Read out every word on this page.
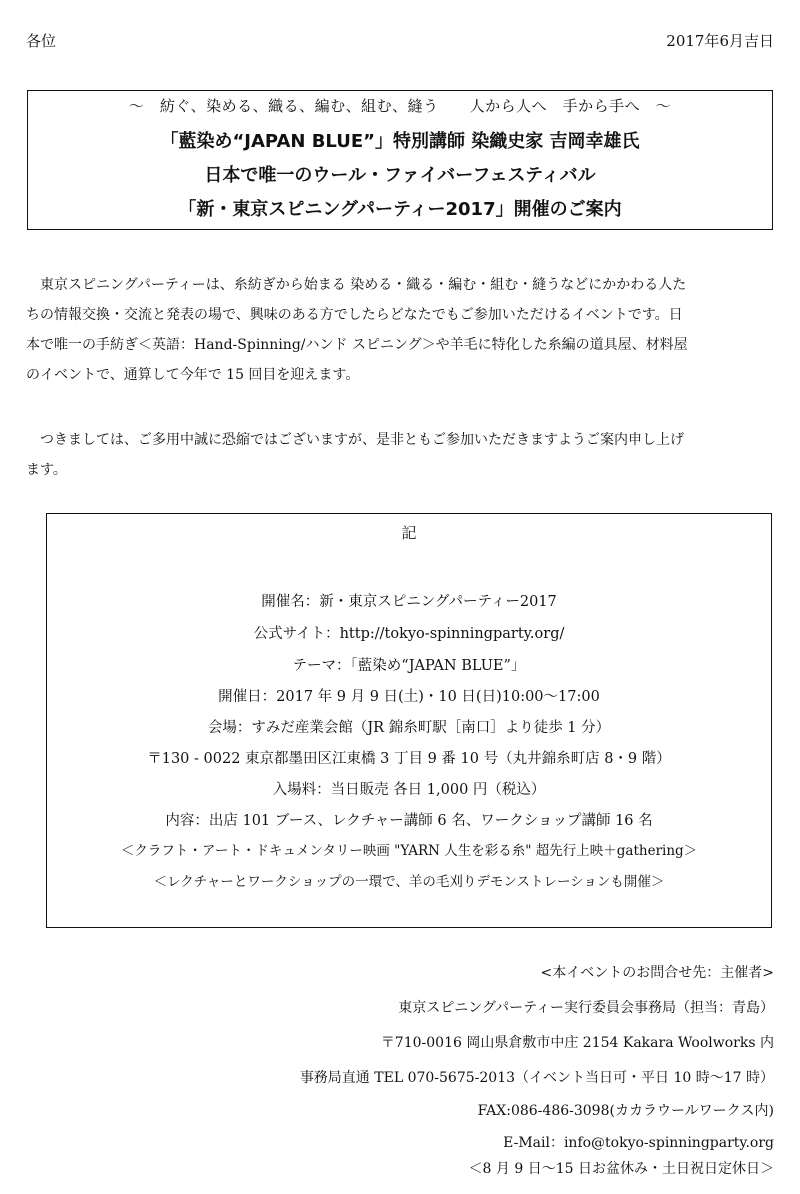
各位	2017年6月吉日
～　紡ぐ、染める、織る、編む、組む、縫う　　人から人へ　手から手へ　～
「藍染め“JAPAN BLUE”」特別講師 染織史家 吉岡幸雄氏
日本で唯一のウール・ファイバーフェスティバル
「新・東京スピニングパーティー2017」開催のご案内
　東京スピニングパーティーは、糸紡ぎから始まる 染める・織る・編む・組む・縫うなどにかかわる人た
ちの情報交換・交流と発表の場で、興味のある方でしたらどなたでもご参加いただけるイベントです。日
本で唯一の手紡ぎ＜英語：Hand-Spinning/ハンド スピニング＞や羊毛に特化した糸編の道具屋、材料屋
のイベントで、通算して今年で 15 回目を迎えます。
　つきましては、ご多用中誠に恐縮ではございますが、是非ともご参加いただきますようご案内申し上げ
ます。
記
開催名：新・東京スピニングパーティー2017
公式サイト：http://tokyo-spinningparty.org/
テーマ：「藍染め“JAPAN BLUE”」
開催日：2017 年 9 月 9 日(土)・10 日(日)10:00～17:00
会場：すみだ産業会館（JR 錦糸町駅［南口］より徒歩 1 分）
〒130 - 0022 東京都墨田区江東橋 3 丁目 9 番 10 号（丸井錦糸町店 8・9 階）
入場料：当日販売 各日 1,000 円（税込）
内容：出店 101 ブース、レクチャー講師 6 名、ワークショップ講師 16 名
＜クラフト・アート・ドキュメンタリー映画 "YARN 人生を彩る糸" 超先行上映＋gathering＞
＜レクチャーとワークショップの一環で、羊の毛刈りデモンストレーションも開催＞
<本イベントのお問合せ先：主催者>
東京スピニングパーティー実行委員会事務局（担当：青島）
〒710-0016 岡山県倉敷市中庄 2154 Kakara Woolworks 内
事務局直通 TEL 070-5675-2013（イベント当日可・平日 10 時～17 時）
FAX:086-486-3098(カカラウールワークス内)
E-Mail：info@tokyo-spinningparty.org
＜8 月 9 日～15 日お盆休み・土日祝日定休日＞
